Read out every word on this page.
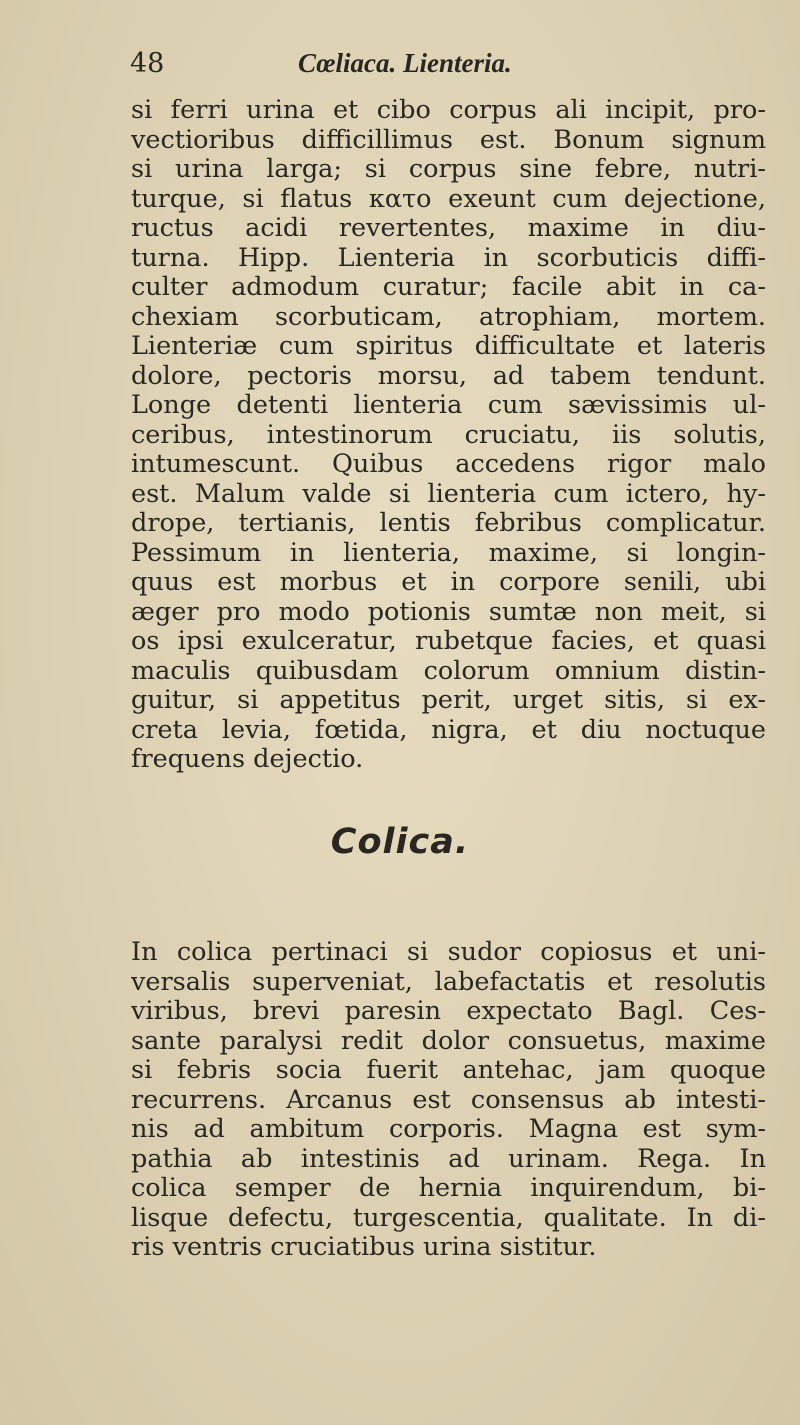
48	Cœliaca. Lienteria.
si ferri urina et cibo corpus ali incipit, pro-
vectioribus difficillimus est. Bonum signum
si urina larga; si corpus sine febre, nutri-
turque, si flatus κατο exeunt cum dejectione,
ructus acidi revertentes, maxime in diu-
turna. Hipp. Lienteria in scorbuticis diffi-
culter admodum curatur; facile abit in ca-
chexiam scorbuticam, atrophiam, mortem.
Lienteriæ cum spiritus difficultate et lateris
dolore, pectoris morsu, ad tabem tendunt.
Longe detenti lienteria cum sævissimis ul-
ceribus, intestinorum cruciatu, iis solutis,
intumescunt. Quibus accedens rigor malo
est. Malum valde si lienteria cum ictero, hy-
drope, tertianis, lentis febribus complicatur.
Pessimum in lienteria, maxime, si longin-
quus est morbus et in corpore senili, ubi
æger pro modo potionis sumtæ non meit, si
os ipsi exulceratur, rubetque facies, et quasi
maculis quibusdam colorum omnium distin-
guitur, si appetitus perit, urget sitis, si ex-
creta levia, fœtida, nigra, et diu noctuque
frequens dejectio.
Colica.
In colica pertinaci si sudor copiosus et uni-
versalis superveniat, labefactatis et resolutis
viribus, brevi paresin expectato Bagl. Ces-
sante paralysi redit dolor consuetus, maxime
si febris socia fuerit antehac, jam quoque
recurrens. Arcanus est consensus ab intesti-
nis ad ambitum corporis. Magna est sym-
pathia ab intestinis ad urinam. Rega. In
colica semper de hernia inquirendum, bi-
lisque defectu, turgescentia, qualitate. In di-
ris ventris cruciatibus urina sistitur.
